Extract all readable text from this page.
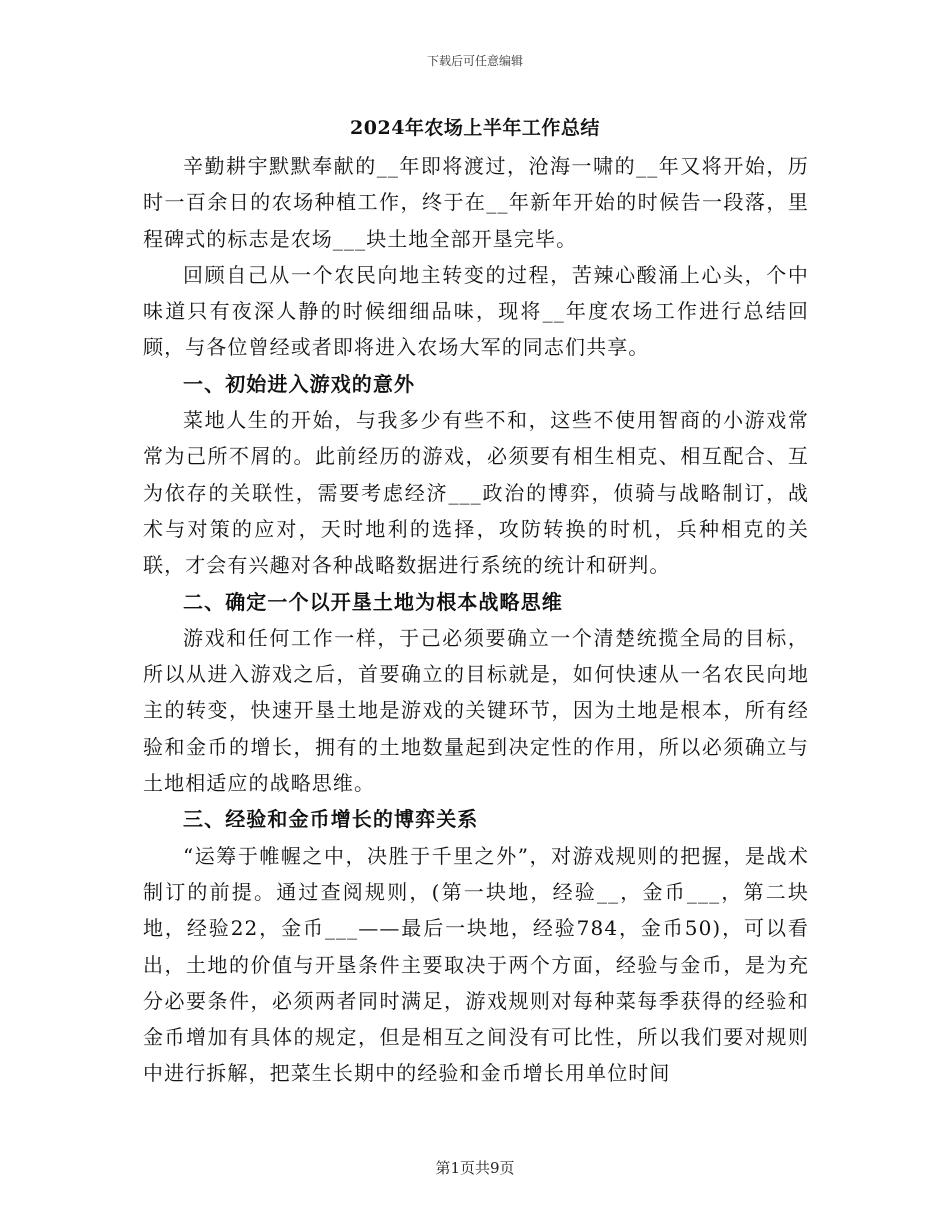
下载后可任意编辑
2024年农场上半年工作总结

辛勤耕宇默默奉献的__年即将渡过，沧海一啸的__年又将开始，历时一百余日的农场种植工作，终于在__年新年开始的时候告一段落，里程碑式的标志是农场___块土地全部开垦完毕。

回顾自己从一个农民向地主转变的过程，苦辣心酸涌上心头，个中味道只有夜深人静的时候细细品味，现将__年度农场工作进行总结回顾，与各位曾经或者即将进入农场大军的同志们共享。

一、初始进入游戏的意外

菜地人生的开始，与我多少有些不和，这些不使用智商的小游戏常常为己所不屑的。此前经历的游戏，必须要有相生相克、相互配合、互为依存的关联性，需要考虑经济___政治的博弈，侦骑与战略制订，战术与对策的应对，天时地利的选择，攻防转换的时机，兵种相克的关联，才会有兴趣对各种战略数据进行系统的统计和研判。

二、确定一个以开垦土地为根本战略思维

游戏和任何工作一样，于己必须要确立一个清楚统揽全局的目标，所以从进入游戏之后，首要确立的目标就是，如何快速从一名农民向地主的转变，快速开垦土地是游戏的关键环节，因为土地是根本，所有经验和金币的增长，拥有的土地数量起到决定性的作用，所以必须确立与土地相适应的战略思维。

三、经验和金币增长的博弈关系

“运筹于帷幄之中，决胜于千里之外”，对游戏规则的把握，是战术制订的前提。通过查阅规则，(第一块地，经验__，金币___，第二块地，经验22，金币___——最后一块地，经验784，金币50)，可以看出，土地的价值与开垦条件主要取决于两个方面，经验与金币，是为充分必要条件，必须两者同时满足，游戏规则对每种菜每季获得的经验和金币增加有具体的规定，但是相互之间没有可比性，所以我们要对规则中进行拆解，把菜生长期中的经验和金币增长用单位时间

第1页共9页
